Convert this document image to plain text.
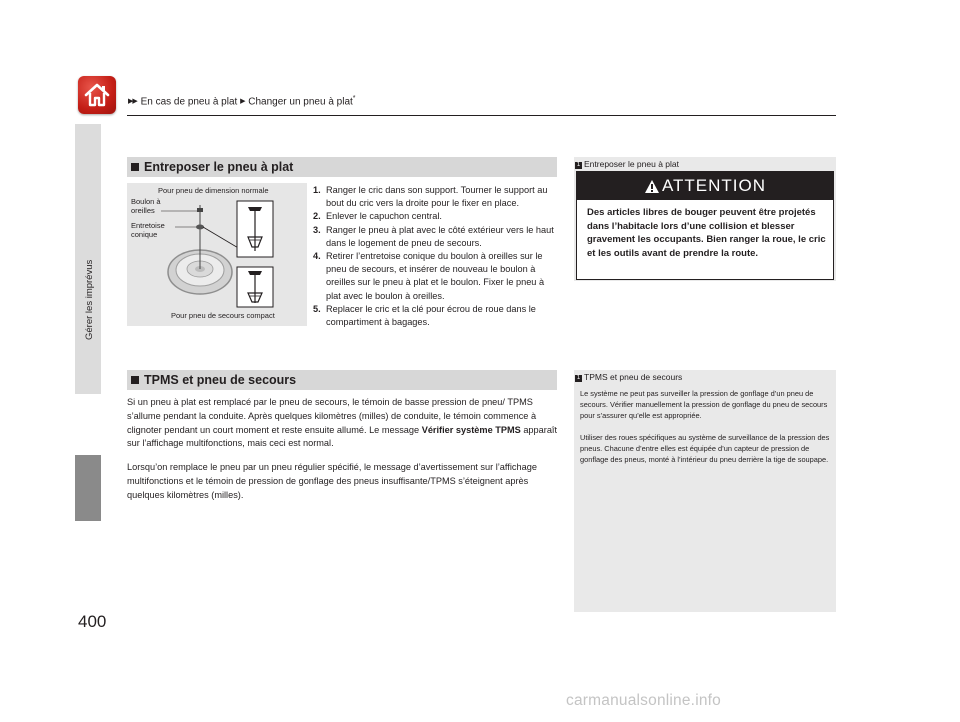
▶▶ En cas de pneu à plat ▶ Changer un pneu à plat*
Gérer les imprévus
400
Entreposer le pneu à plat
Pour pneu de dimension normale
Boulon à
oreilles
Entretoise
conique
Pour pneu de secours compact
1. Ranger le cric dans son support. Tourner le support au bout du cric vers la droite pour le fixer en place.
2. Enlever le capuchon central.
3. Ranger le pneu à plat avec le côté extérieur vers le haut dans le logement de pneu de secours.
4. Retirer l’entretoise conique du boulon à oreilles sur le pneu de secours, et insérer de nouveau le boulon à oreilles sur le pneu à plat et le boulon. Fixer le pneu à plat avec le boulon à oreilles.
5. Replacer le cric et la clé pour écrou de roue dans le compartiment à bagages.
TPMS et pneu de secours
Si un pneu à plat est remplacé par le pneu de secours, le témoin de basse pression de pneu/ TPMS s’allume pendant la conduite. Après quelques kilomètres (milles) de conduite, le témoin commence à clignoter pendant un court moment et reste ensuite allumé. Le message Vérifier système TPMS apparaît sur l’affichage multifonctions, mais ceci est normal.
Lorsqu’on remplace le pneu par un pneu régulier spécifié, le message d’avertissement sur l’affichage multifonctions et le témoin de pression de gonflage des pneus insuffisante/TPMS s’éteignent après quelques kilomètres (milles).
1 Entreposer le pneu à plat
ATTENTION
Des articles libres de bouger peuvent être projetés dans l’habitacle lors d’une collision et blesser gravement les occupants. Bien ranger la roue, le cric et les outils avant de prendre la route.
1 TPMS et pneu de secours
Le système ne peut pas surveiller la pression de gonflage d’un pneu de secours. Vérifier manuellement la pression de gonflage du pneu de secours pour s’assurer qu’elle est appropriée.
Utiliser des roues spécifiques au système de surveillance de la pression des pneus. Chacune d’entre elles est équipée d’un capteur de pression de gonflage des pneus, monté à l’intérieur du pneu derrière la tige de soupape.
carmanualsonline.info
